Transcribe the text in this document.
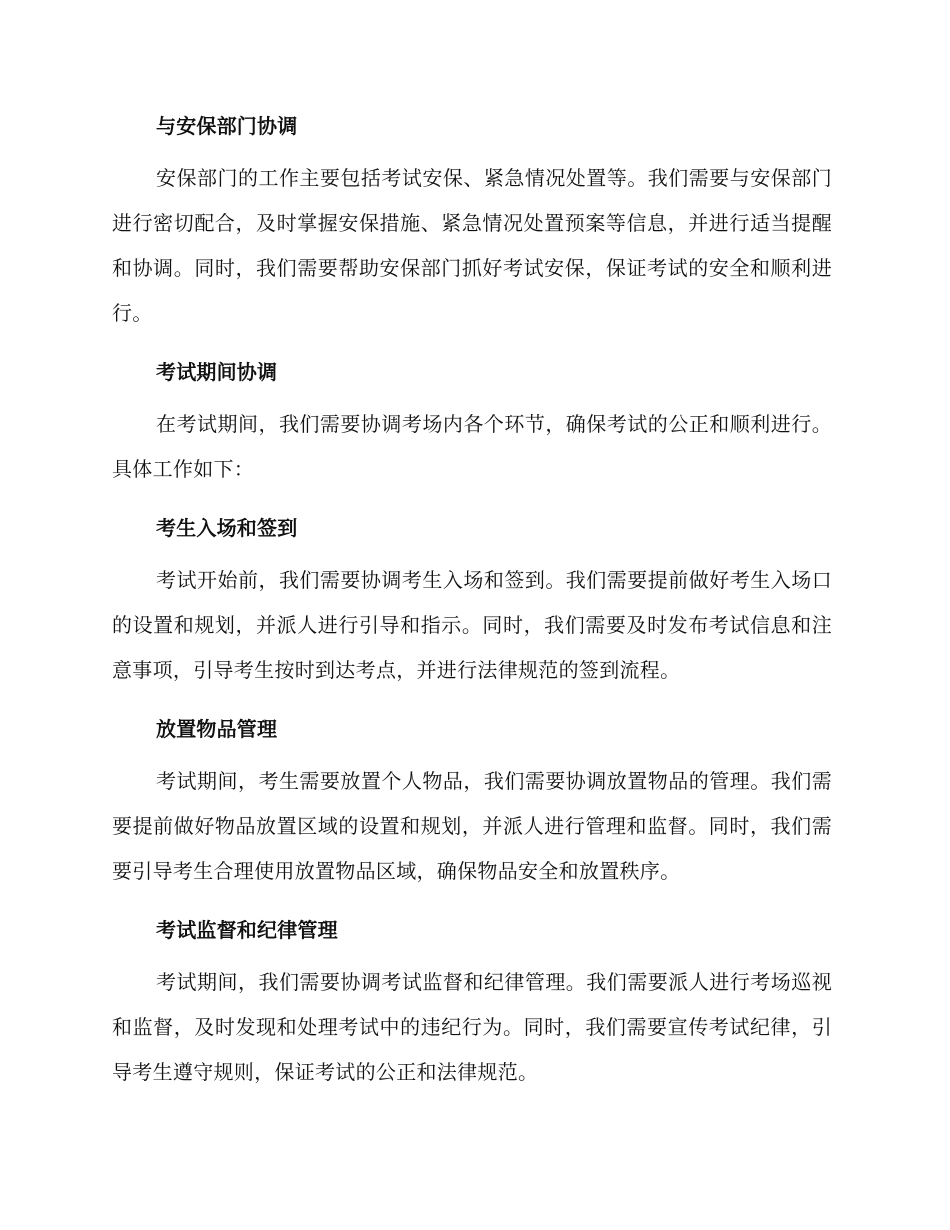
与安保部门协调

安保部门的工作主要包括考试安保、紧急情况处置等。我们需要与安保部门进行密切配合，及时掌握安保措施、紧急情况处置预案等信息，并进行适当提醒和协调。同时，我们需要帮助安保部门抓好考试安保，保证考试的安全和顺利进行。

考试期间协调

在考试期间，我们需要协调考场内各个环节，确保考试的公正和顺利进行。具体工作如下：

考生入场和签到

考试开始前，我们需要协调考生入场和签到。我们需要提前做好考生入场口的设置和规划，并派人进行引导和指示。同时，我们需要及时发布考试信息和注意事项，引导考生按时到达考点，并进行法律规范的签到流程。

放置物品管理

考试期间，考生需要放置个人物品，我们需要协调放置物品的管理。我们需要提前做好物品放置区域的设置和规划，并派人进行管理和监督。同时，我们需要引导考生合理使用放置物品区域，确保物品安全和放置秩序。

考试监督和纪律管理

考试期间，我们需要协调考试监督和纪律管理。我们需要派人进行考场巡视和监督，及时发现和处理考试中的违纪行为。同时，我们需要宣传考试纪律，引导考生遵守规则，保证考试的公正和法律规范。
